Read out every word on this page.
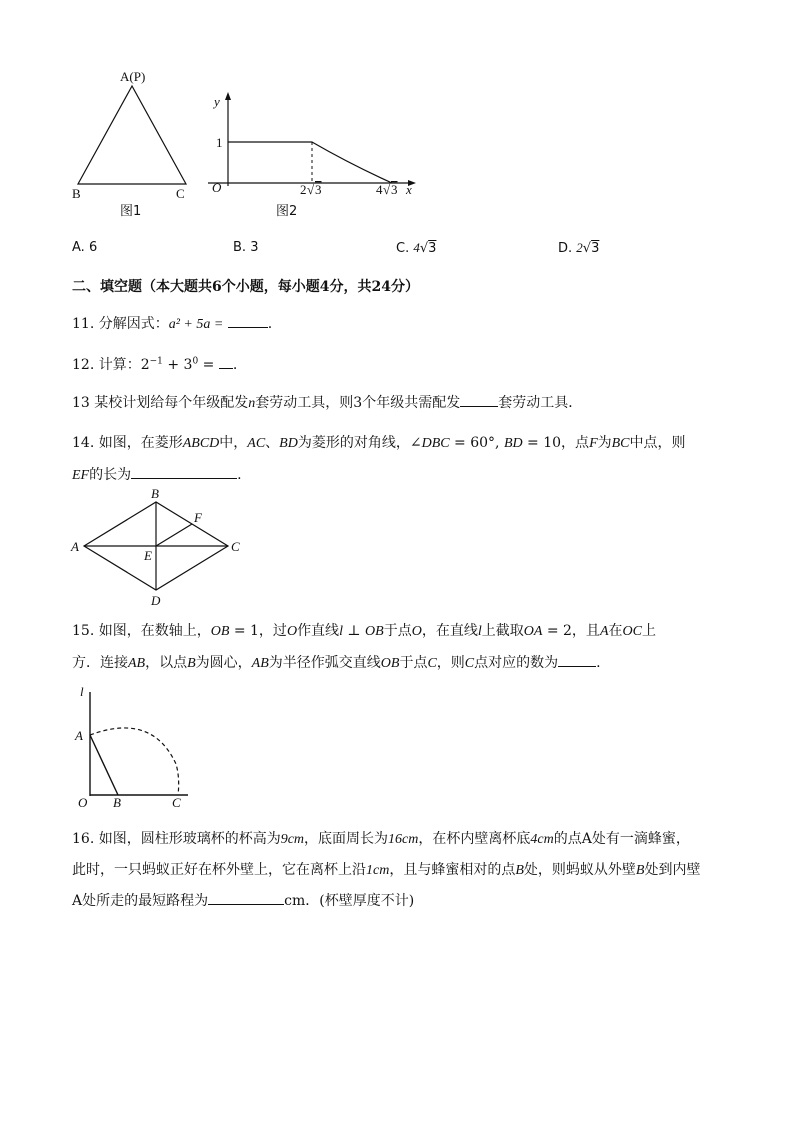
A(P)
B	C
图1
y
1
O	x
2 √ 3	4 √ 3
图2
A. 6	B. 3	C. 4√3	D. 2√3
二、填空题（本大题共6个小题，每小题4分，共24分）
11. 分解因式：a² + 5a =	.
12. 计算：$2^{-1} + 3^0$ = .
13 某校计划给每个年级配发n套劳动工具，则3个年级共需配发	套劳动工具．
14. 如图，在菱形ABCD中，AC、BD为菱形的对角线，∠DBC = 60°, BD = 10，点F为BC中点，则
EF的长为	.
B
F
A	C
E
D
15. 如图，在数轴上，OB = 1，过O作直线l ⊥ OB于点O，在直线l上截取OA = 2，且A在OC上
方．连接AB，以点B为圆心，AB为半径作弧交直线OB于点C，则C点对应的数为	.
l
A
O B	C
16. 如图，圆柱形玻璃杯的杯高为9cm，底面周长为16cm，在杯内壁离杯底4cm的点A处有一滴蜂蜜，
此时，一只蚂蚁正好在杯外壁上，它在离杯上沿1cm，且与蜂蜜相对的点B处，则蚂蚁从外壁B处到内壁
A处所走的最短路程为	cm．(杯壁厚度不计)
